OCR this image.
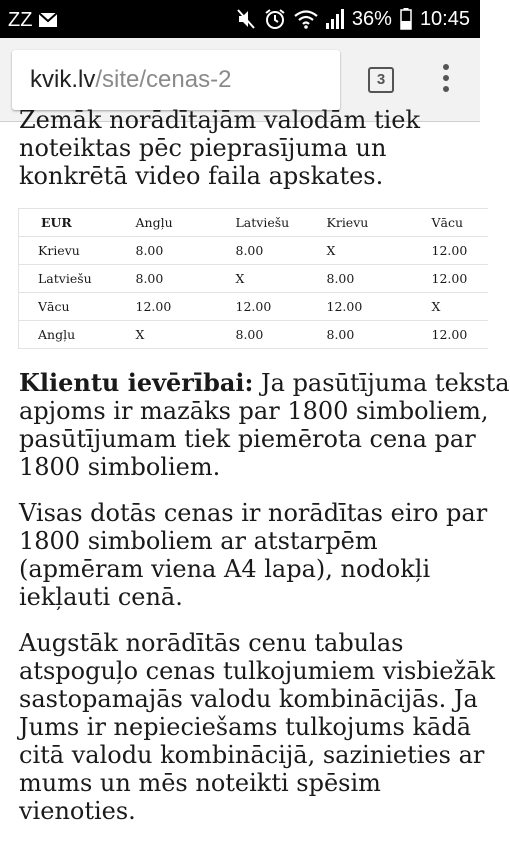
ZZ	36% 10:45
kvik.lv/site/cenas-2	3
Zemāk norādītajām valodām tiek
noteiktas pēc pieprasījuma un
konkrētā video faila apskates.
EUR	Angļu	Latviešu	Krievu	Vācu
Krievu	8.00	8.00	X	12.00
Latviešu	8.00	X	8.00	12.00
Vācu	12.00	12.00	12.00	X
Angļu	X	8.00	8.00	12.00
Klientu ievērībai: Ja pasūtījuma teksta
apjoms ir mazāks par 1800 simboliem,
pasūtījumam tiek piemērota cena par
1800 simboliem.
Visas dotās cenas ir norādītas eiro par
1800 simboliem ar atstarpēm
(apmēram viena A4 lapa), nodokļi
iekļauti cenā.
Augstāk norādītās cenu tabulas
atspoguļo cenas tulkojumiem visbiežāk
sastopamajās valodu kombinācijās. Ja
Jums ir nepieciešams tulkojums kādā
citā valodu kombinācijā, sazinieties ar
mums un mēs noteikti spēsim
vienoties.
